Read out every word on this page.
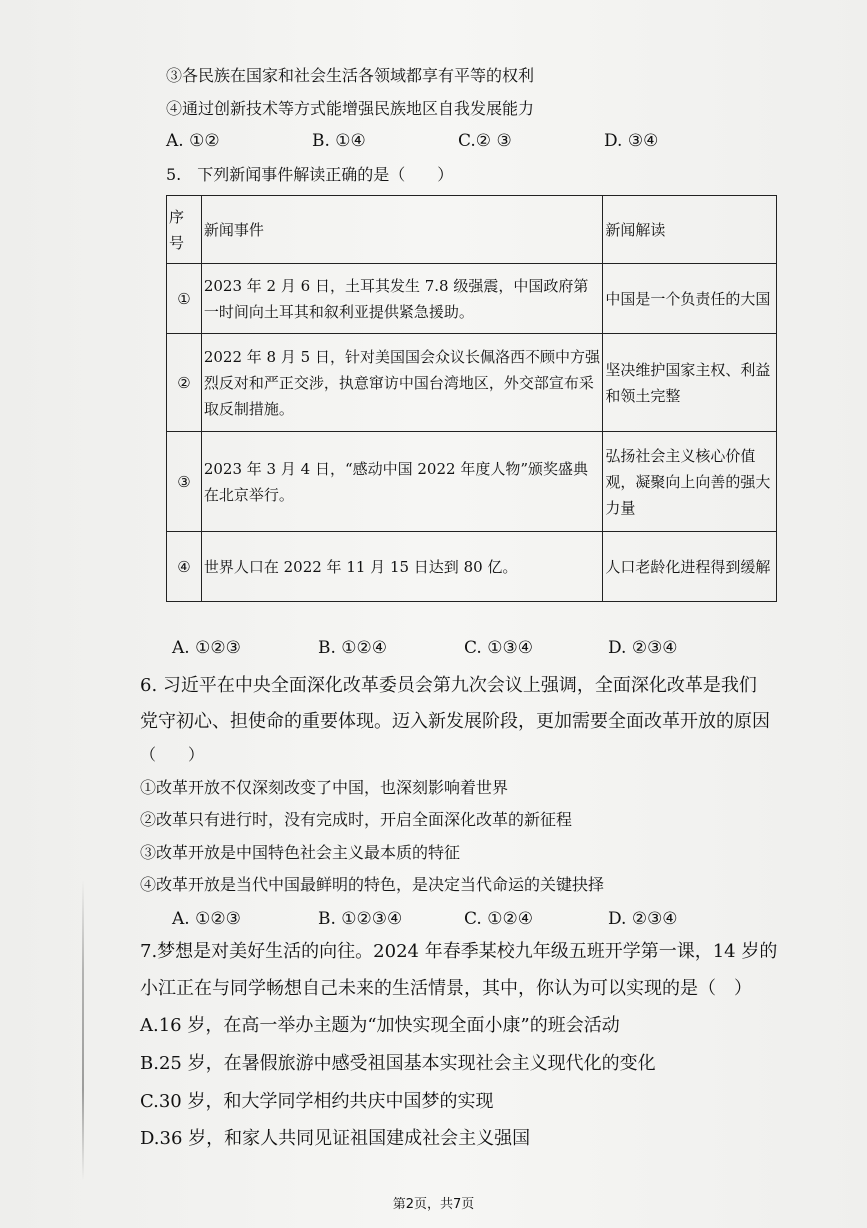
③各民族在国家和社会生活各领域都享有平等的权利
④通过创新技术等方式能增强民族地区自我发展能力
A. ①②	B. ①④	C.② ③	D. ③④
5.　下列新闻事件解读正确的是（　　）
序号	新闻事件	新闻解读
①	2023 年 2 月 6 日，土耳其发生 7.8 级强震，中国政府第一时间向土耳其和叙利亚提供紧急援助。	中国是一个负责任的大国
②	2022 年 8 月 5 日，针对美国国会众议长佩洛西不顾中方强烈反对和严正交涉，执意窜访中国台湾地区，外交部宣布采取反制措施。	坚决维护国家主权、利益和领土完整
③	2023 年 3 月 4 日，“感动中国 2022 年度人物”颁奖盛典在北京举行。	弘扬社会主义核心价值观，凝聚向上向善的强大力量
④	世界人口在 2022 年 11 月 15 日达到 80 亿。	人口老龄化进程得到缓解
A. ①②③	B. ①②④	C. ①③④	D. ②③④
6. 习近平在中央全面深化改革委员会第九次会议上强调，全面深化改革是我们
党守初心、担使命的重要体现。迈入新发展阶段，更加需要全面改革开放的原因
（　　）
①改革开放不仅深刻改变了中国，也深刻影响着世界
②改革只有进行时，没有完成时，开启全面深化改革的新征程
③改革开放是中国特色社会主义最本质的特征
④改革开放是当代中国最鲜明的特色，是决定当代命运的关键抉择
A. ①②③	B. ①②③④	C. ①②④	D. ②③④
7.梦想是对美好生活的向往。2024 年春季某校九年级五班开学第一课，14 岁的
小江正在与同学畅想自己未来的生活情景，其中，你认为可以实现的是（　）
A.16 岁，在高一举办主题为“加快实现全面小康”的班会活动
B.25 岁，在暑假旅游中感受祖国基本实现社会主义现代化的变化
C.30 岁，和大学同学相约共庆中国梦的实现
D.36 岁，和家人共同见证祖国建成社会主义强国
第2页，共7页
